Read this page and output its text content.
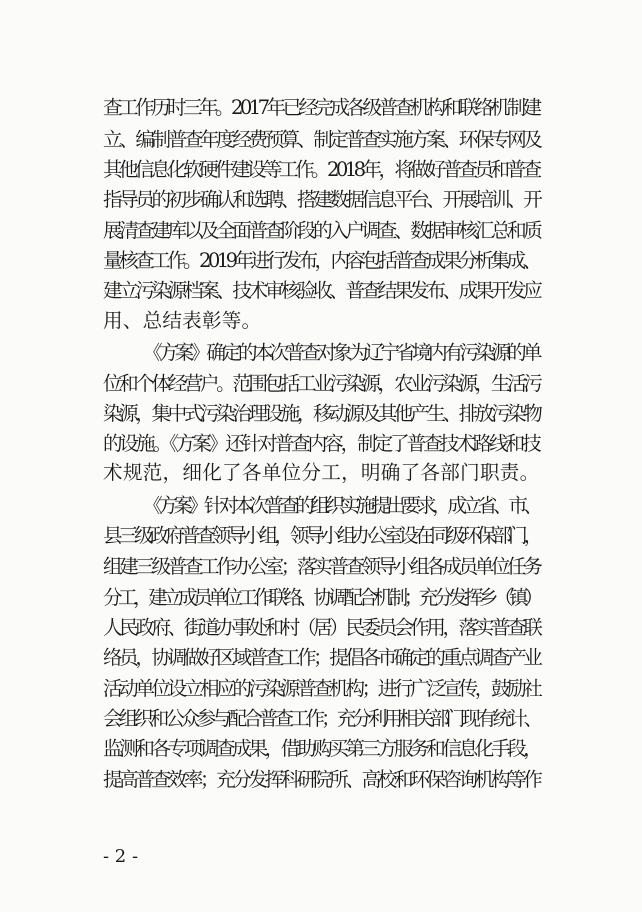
查工作历时三年。2017年已经完成各级普查机构和联络机制建
立、编制普查年度经费预算、制定普查实施方案、环保专网及
其他信息化软硬件建设等工作。2018年，将做好普查员和普查
指导员的初步确认和选聘、搭建数据信息平台、开展培训、开
展清查建库以及全面普查阶段的入户调查、数据审核汇总和质
量核查工作。2019年进行发布，内容包括普查成果分析集成、
建立污染源档案、技术审核验收、普查结果发布、成果开发应
用、总结表彰等。
《方案》确定的本次普查对象为辽宁省境内有污染源的单
位和个体经营户。范围包括工业污染源，农业污染源，生活污
染源，集中式污染治理设施，移动源及其他产生、排放污染物
的设施。《方案》还针对普查内容，制定了普查技术路线和技
术规范，细化了各单位分工，明确了各部门职责。
《方案》针对本次普查的组织实施提出要求，成立省、市、
县三级政府普查领导小组，领导小组办公室设在同级环保部门，
组建三级普查工作办公室；落实普查领导小组各成员单位任务
分工，建立成员单位工作联络、协调配合机制；充分发挥乡（镇）
人民政府、街道办事处和村（居）民委员会作用，落实普查联
络员，协调做好区域普查工作；提倡各市确定的重点调查产业
活动单位设立相应的污染源普查机构；进行广泛宣传，鼓励社
会组织和公众参与配合普查工作；充分利用相关部门现有统计、
监测和各专项调查成果，借助购买第三方服务和信息化手段，
提高普查效率；充分发挥科研院所、高校和环保咨询机构等作
- 2 -
